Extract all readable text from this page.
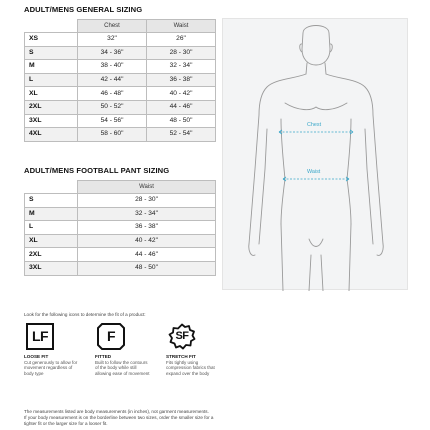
ADULT/MENS GENERAL SIZING
	Chest	Waist
XS	32"	26"
S	34 - 36"	28 - 30"
M	38 - 40"	32 - 34"
L	42 - 44"	36 - 38"
XL	46 - 48"	40 - 42"
2XL	50 - 52"	44 - 46"
3XL	54 - 56"	48 - 50"
4XL	58 - 60"	52 - 54"
ADULT/MENS FOOTBALL PANT SIZING
	Waist
S	28 - 30"
M	32 - 34"
L	36 - 38"
XL	40 - 42"
2XL	44 - 46"
3XL	48 - 50"
Chest
Waist
Look for the following icons to determine the fit of a product:
LF
LOOSE FIT
Cut generously to allow for movement regardless of body type
F
FITTED
Built to follow the contours of the body while still allowing ease of movement
SF
STRETCH FIT
Fits tightly using compression fabrics that expand over the body
The measurements listed are body measurements (in inches), not garment measurements.
If your body measurement is on the borderline between two sizes, order the smaller size for a
tighter fit or the larger size for a looser fit.
